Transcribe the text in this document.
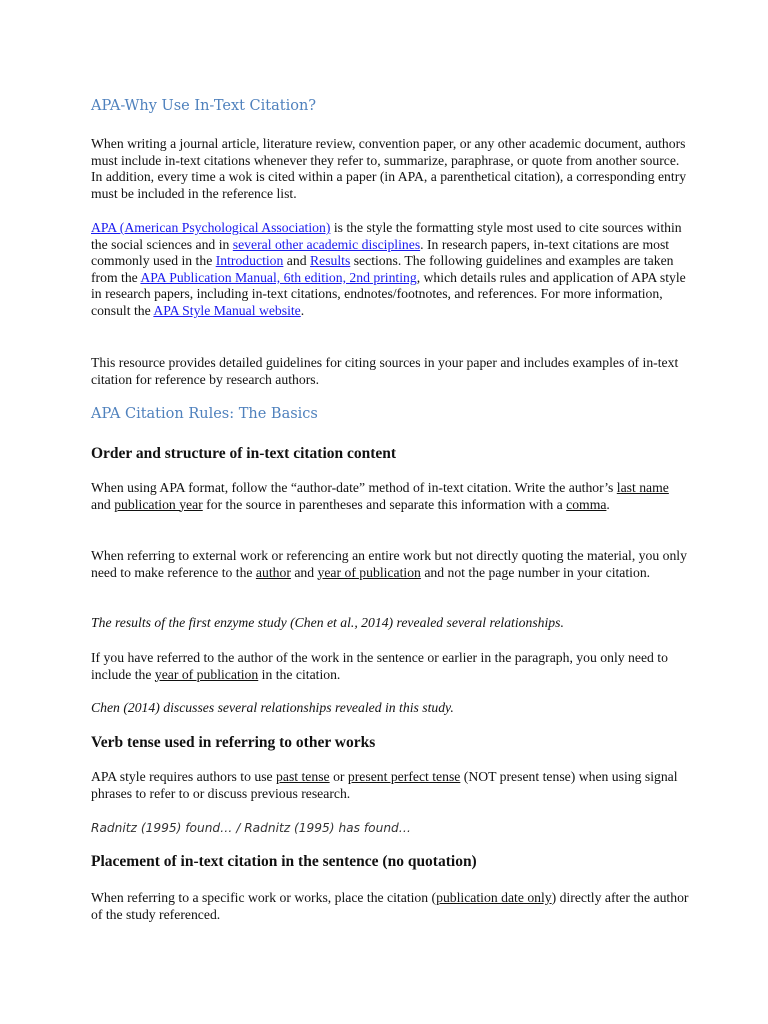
APA-Why Use In-Text Citation?

When writing a journal article, literature review, convention paper, or any other academic document, authors must include in-text citations whenever they refer to, summarize, paraphrase, or quote from another source. In addition, every time a wok is cited within a paper (in APA, a parenthetical citation), a corresponding entry must be included in the reference list.

APA (American Psychological Association) is the style the formatting style most used to cite sources within the social sciences and in several other academic disciplines. In research papers, in-text citations are most commonly used in the Introduction and Results sections. The following guidelines and examples are taken from the APA Publication Manual, 6th edition, 2nd printing, which details rules and application of APA style in research papers, including in-text citations, endnotes/footnotes, and references. For more information, consult the APA Style Manual website.

This resource provides detailed guidelines for citing sources in your paper and includes examples of in-text citation for reference by research authors.

APA Citation Rules: The Basics
Order and structure of in-text citation content

When using APA format, follow the “author-date” method of in-text citation. Write the author’s last name and publication year for the source in parentheses and separate this information with a comma.

When referring to external work or referencing an entire work but not directly quoting the material, you only need to make reference to the author and year of publication and not the page number in your citation.

The results of the first enzyme study (Chen et al., 2014) revealed several relationships.

If you have referred to the author of the work in the sentence or earlier in the paragraph, you only need to include the year of publication in the citation.

Chen (2014) discusses several relationships revealed in this study.

Verb tense used in referring to other works

APA style requires authors to use past tense or present perfect tense (NOT present tense) when using signal phrases to refer to or discuss previous research.

Radnitz (1995) found… / Radnitz (1995) has found…

Placement of in-text citation in the sentence (no quotation)

When referring to a specific work or works, place the citation (publication date only) directly after the author of the study referenced.
